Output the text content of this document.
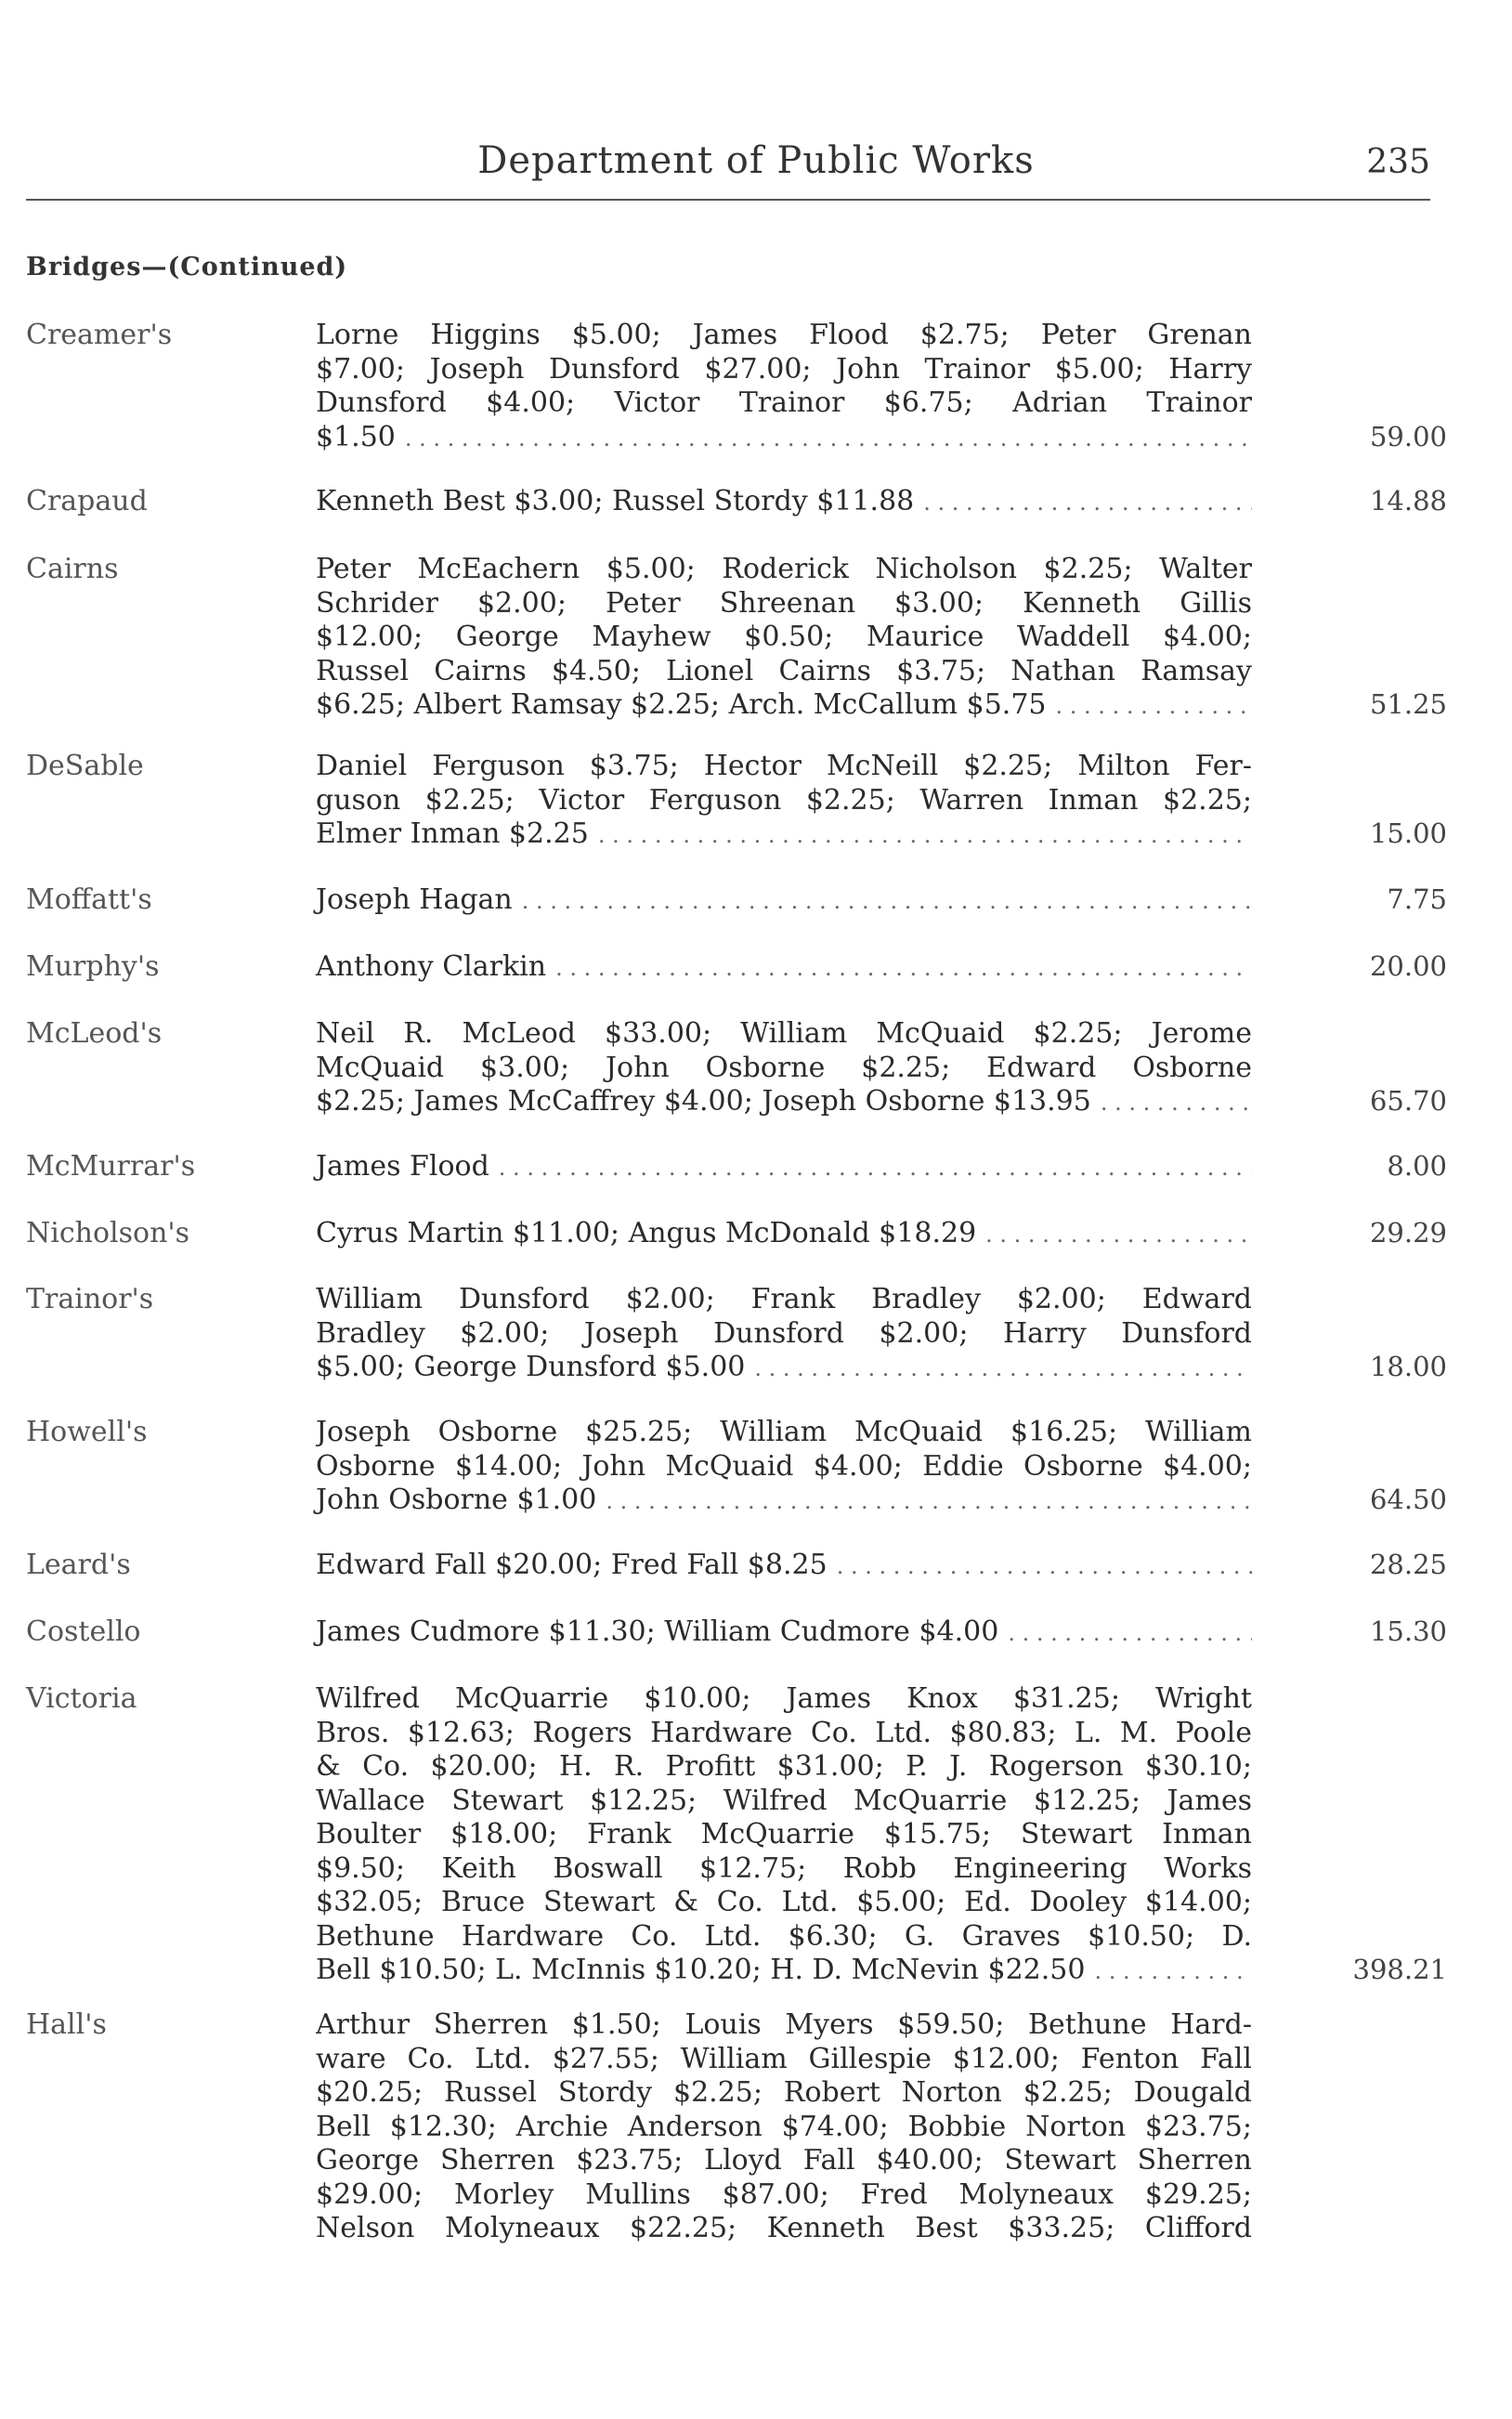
Department of Public Works	235
Bridges—(Continued)
Creamer's	Lorne Higgins $5.00; James Flood $2.75; Peter Grenan
$7.00; Joseph Dunsford $27.00; John Trainor $5.00; Harry
Dunsford $4.00; Victor Trainor $6.75; Adrian Trainor
$1.50 . . .	59.00
Crapaud	Kenneth Best $3.00; Russel Stordy $11.88 . . .	14.88
Cairns	Peter McEachern $5.00; Roderick Nicholson $2.25; Walter
Schrider $2.00; Peter Shreenan $3.00; Kenneth Gillis
$12.00; George Mayhew $0.50; Maurice Waddell $4.00;
Russel Cairns $4.50; Lionel Cairns $3.75; Nathan Ramsay
$6.25; Albert Ramsay $2.25; Arch. McCallum $5.75 . . .	51.25
DeSable	Daniel Ferguson $3.75; Hector McNeill $2.25; Milton Fer-
guson $2.25; Victor Ferguson $2.25; Warren Inman $2.25;
Elmer Inman $2.25 . . .	15.00
Moffatt's	Joseph Hagan . . .	7.75
Murphy's	Anthony Clarkin . . .	20.00
McLeod's	Neil R. McLeod $33.00; William McQuaid $2.25; Jerome
McQuaid $3.00; John Osborne $2.25; Edward Osborne
$2.25; James McCaffrey $4.00; Joseph Osborne $13.95 . . .	65.70
McMurrar's	James Flood . . .	8.00
Nicholson's	Cyrus Martin $11.00; Angus McDonald $18.29 . . .	29.29
Trainor's	William Dunsford $2.00; Frank Bradley $2.00; Edward
Bradley $2.00; Joseph Dunsford $2.00; Harry Dunsford
$5.00; George Dunsford $5.00 . . .	18.00
Howell's	Joseph Osborne $25.25; William McQuaid $16.25; William
Osborne $14.00; John McQuaid $4.00; Eddie Osborne $4.00;
John Osborne $1.00 . . .	64.50
Leard's	Edward Fall $20.00; Fred Fall $8.25 . . .	28.25
Costello	James Cudmore $11.30; William Cudmore $4.00 . . .	15.30
Victoria	Wilfred McQuarrie $10.00; James Knox $31.25; Wright
Bros. $12.63; Rogers Hardware Co. Ltd. $80.83; L. M. Poole
& Co. $20.00; H. R. Profitt $31.00; P. J. Rogerson $30.10;
Wallace Stewart $12.25; Wilfred McQuarrie $12.25; James
Boulter $18.00; Frank McQuarrie $15.75; Stewart Inman
$9.50; Keith Boswall $12.75; Robb Engineering Works
$32.05; Bruce Stewart & Co. Ltd. $5.00; Ed. Dooley $14.00;
Bethune Hardware Co. Ltd. $6.30; G. Graves $10.50; D.
Bell $10.50; L. McInnis $10.20; H. D. McNevin $22.50 . . .	398.21
Hall's	Arthur Sherren $1.50; Louis Myers $59.50; Bethune Hard-
ware Co. Ltd. $27.55; William Gillespie $12.00; Fenton Fall
$20.25; Russel Stordy $2.25; Robert Norton $2.25; Dougald
Bell $12.30; Archie Anderson $74.00; Bobbie Norton $23.75;
George Sherren $23.75; Lloyd Fall $40.00; Stewart Sherren
$29.00; Morley Mullins $87.00; Fred Molyneaux $29.25;
Nelson Molyneaux $22.25; Kenneth Best $33.25; Clifford
